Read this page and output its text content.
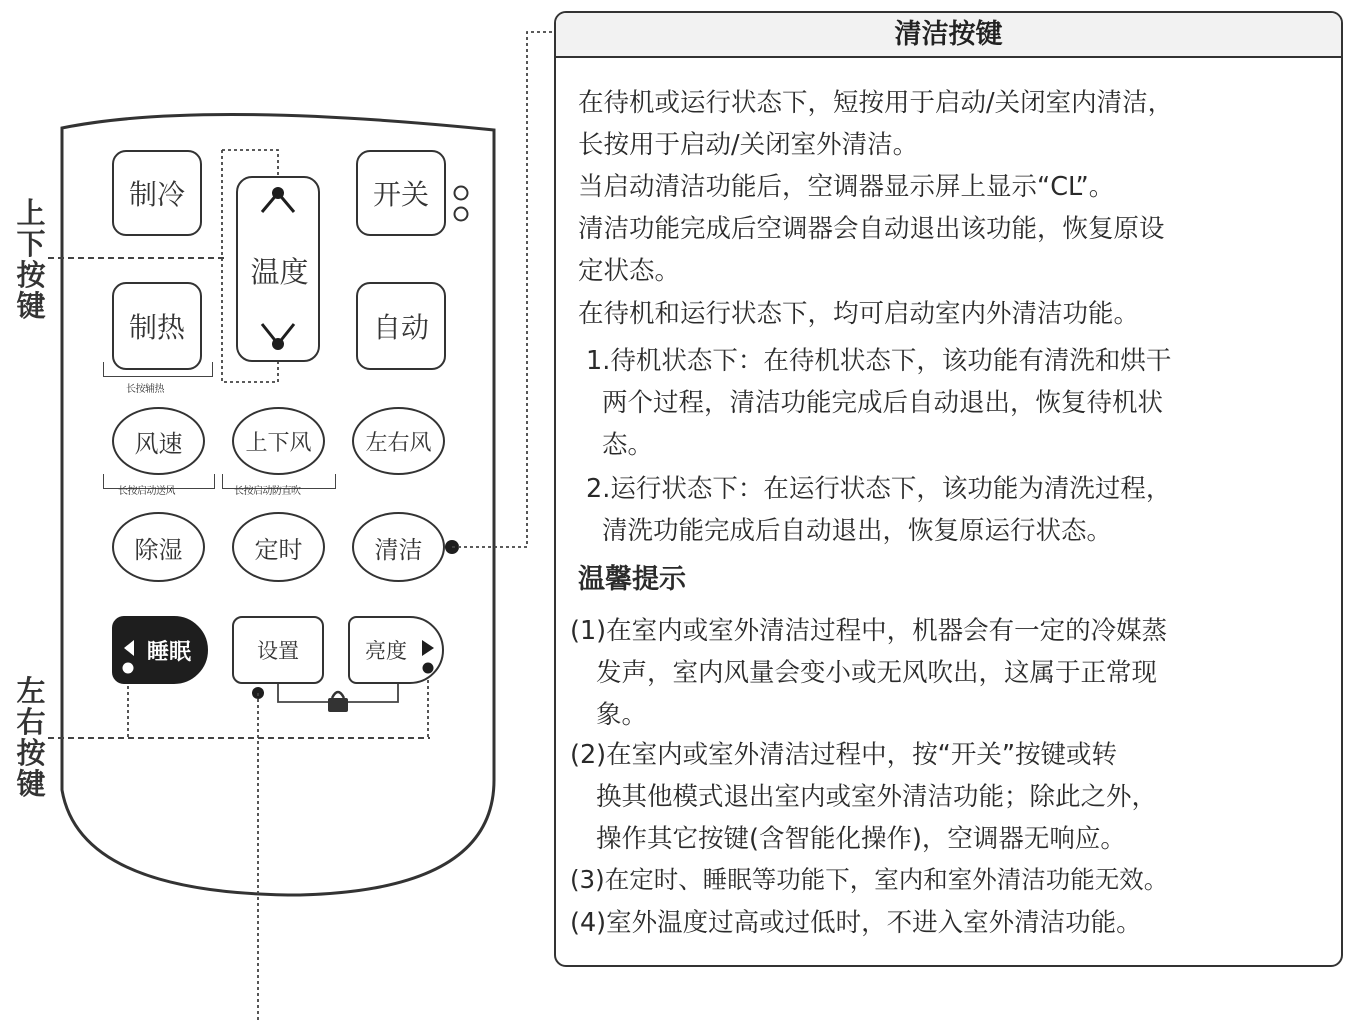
上
下
按
键
左
右
按
键
制冷
制热
长按辅热
温度
开关
自动
风速
长按启动送风
上下风
长按启动防直吹
左右风
除湿	定时	清洁
睡眠	设置	亮度
清洁按键
在待机或运行状态下，短按用于启动/关闭室内清洁，
长按用于启动/关闭室外清洁。
当启动清洁功能后，空调器显示屏上显示“CL”。
清洁功能完成后空调器会自动退出该功能，恢复原设
定状态。
在待机和运行状态下，均可启动室内外清洁功能。
1.待机状态下：在待机状态下，该功能有清洗和烘干
两个过程，清洁功能完成后自动退出，恢复待机状
态。
2.运行状态下：在运行状态下，该功能为清洗过程，
清洗功能完成后自动退出，恢复原运行状态。
温馨提示
(1)在室内或室外清洁过程中，机器会有一定的冷媒蒸
发声，室内风量会变小或无风吹出，这属于正常现
象。
(2)在室内或室外清洁过程中，按“开关”按键或转
换其他模式退出室内或室外清洁功能；除此之外，
操作其它按键(含智能化操作)，空调器无响应。
(3)在定时、睡眠等功能下，室内和室外清洁功能无效。
(4)室外温度过高或过低时，不进入室外清洁功能。
